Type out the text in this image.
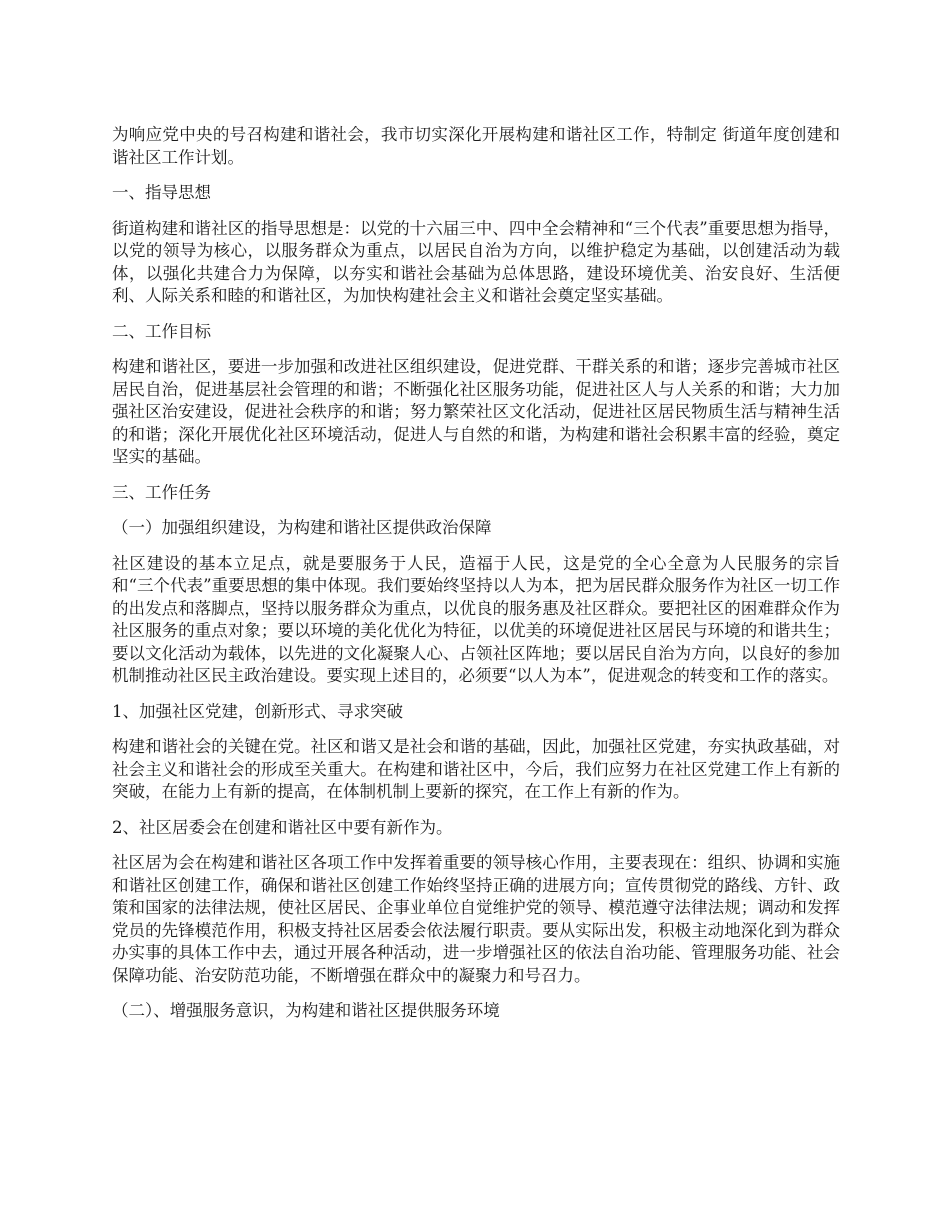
为响应党中央的号召构建和谐社会，我市切实深化开展构建和谐社区工作，特制定 街道年度创建和谐社区工作计划。

一、指导思想

街道构建和谐社区的指导思想是：以党的十六届三中、四中全会精神和“三个代表”重要思想为指导，以党的领导为核心，以服务群众为重点，以居民自治为方向，以维护稳定为基础，以创建活动为载体，以强化共建合力为保障，以夯实和谐社会基础为总体思路，建设环境优美、治安良好、生活便利、人际关系和睦的和谐社区，为加快构建社会主义和谐社会奠定坚实基础。

二、工作目标

构建和谐社区，要进一步加强和改进社区组织建设，促进党群、干群关系的和谐；逐步完善城市社区居民自治，促进基层社会管理的和谐；不断强化社区服务功能，促进社区人与人关系的和谐；大力加强社区治安建设，促进社会秩序的和谐；努力繁荣社区文化活动，促进社区居民物质生活与精神生活的和谐；深化开展优化社区环境活动，促进人与自然的和谐，为构建和谐社会积累丰富的经验，奠定坚实的基础。

三、工作任务

（一）加强组织建设，为构建和谐社区提供政治保障

社区建设的基本立足点，就是要服务于人民，造福于人民，这是党的全心全意为人民服务的宗旨和“三个代表”重要思想的集中体现。我们要始终坚持以人为本，把为居民群众服务作为社区一切工作的出发点和落脚点，坚持以服务群众为重点，以优良的服务惠及社区群众。要把社区的困难群众作为社区服务的重点对象；要以环境的美化优化为特征，以优美的环境促进社区居民与环境的和谐共生；要以文化活动为载体，以先进的文化凝聚人心、占领社区阵地；要以居民自治为方向，以良好的参加机制推动社区民主政治建设。要实现上述目的，必须要“以人为本”，促进观念的转变和工作的落实。

1、加强社区党建，创新形式、寻求突破

构建和谐社会的关键在党。社区和谐又是社会和谐的基础，因此，加强社区党建，夯实执政基础，对社会主义和谐社会的形成至关重大。在构建和谐社区中，今后，我们应努力在社区党建工作上有新的突破，在能力上有新的提高，在体制机制上要新的探究，在工作上有新的作为。

2、社区居委会在创建和谐社区中要有新作为。

社区居为会在构建和谐社区各项工作中发挥着重要的领导核心作用，主要表现在：组织、协调和实施和谐社区创建工作，确保和谐社区创建工作始终坚持正确的进展方向；宣传贯彻党的路线、方针、政策和国家的法律法规，使社区居民、企事业单位自觉维护党的领导、模范遵守法律法规；调动和发挥党员的先锋模范作用，积极支持社区居委会依法履行职责。要从实际出发，积极主动地深化到为群众办实事的具体工作中去，通过开展各种活动，进一步增强社区的依法自治功能、管理服务功能、社会保障功能、治安防范功能，不断增强在群众中的凝聚力和号召力。

（二）、增强服务意识，为构建和谐社区提供服务环境
